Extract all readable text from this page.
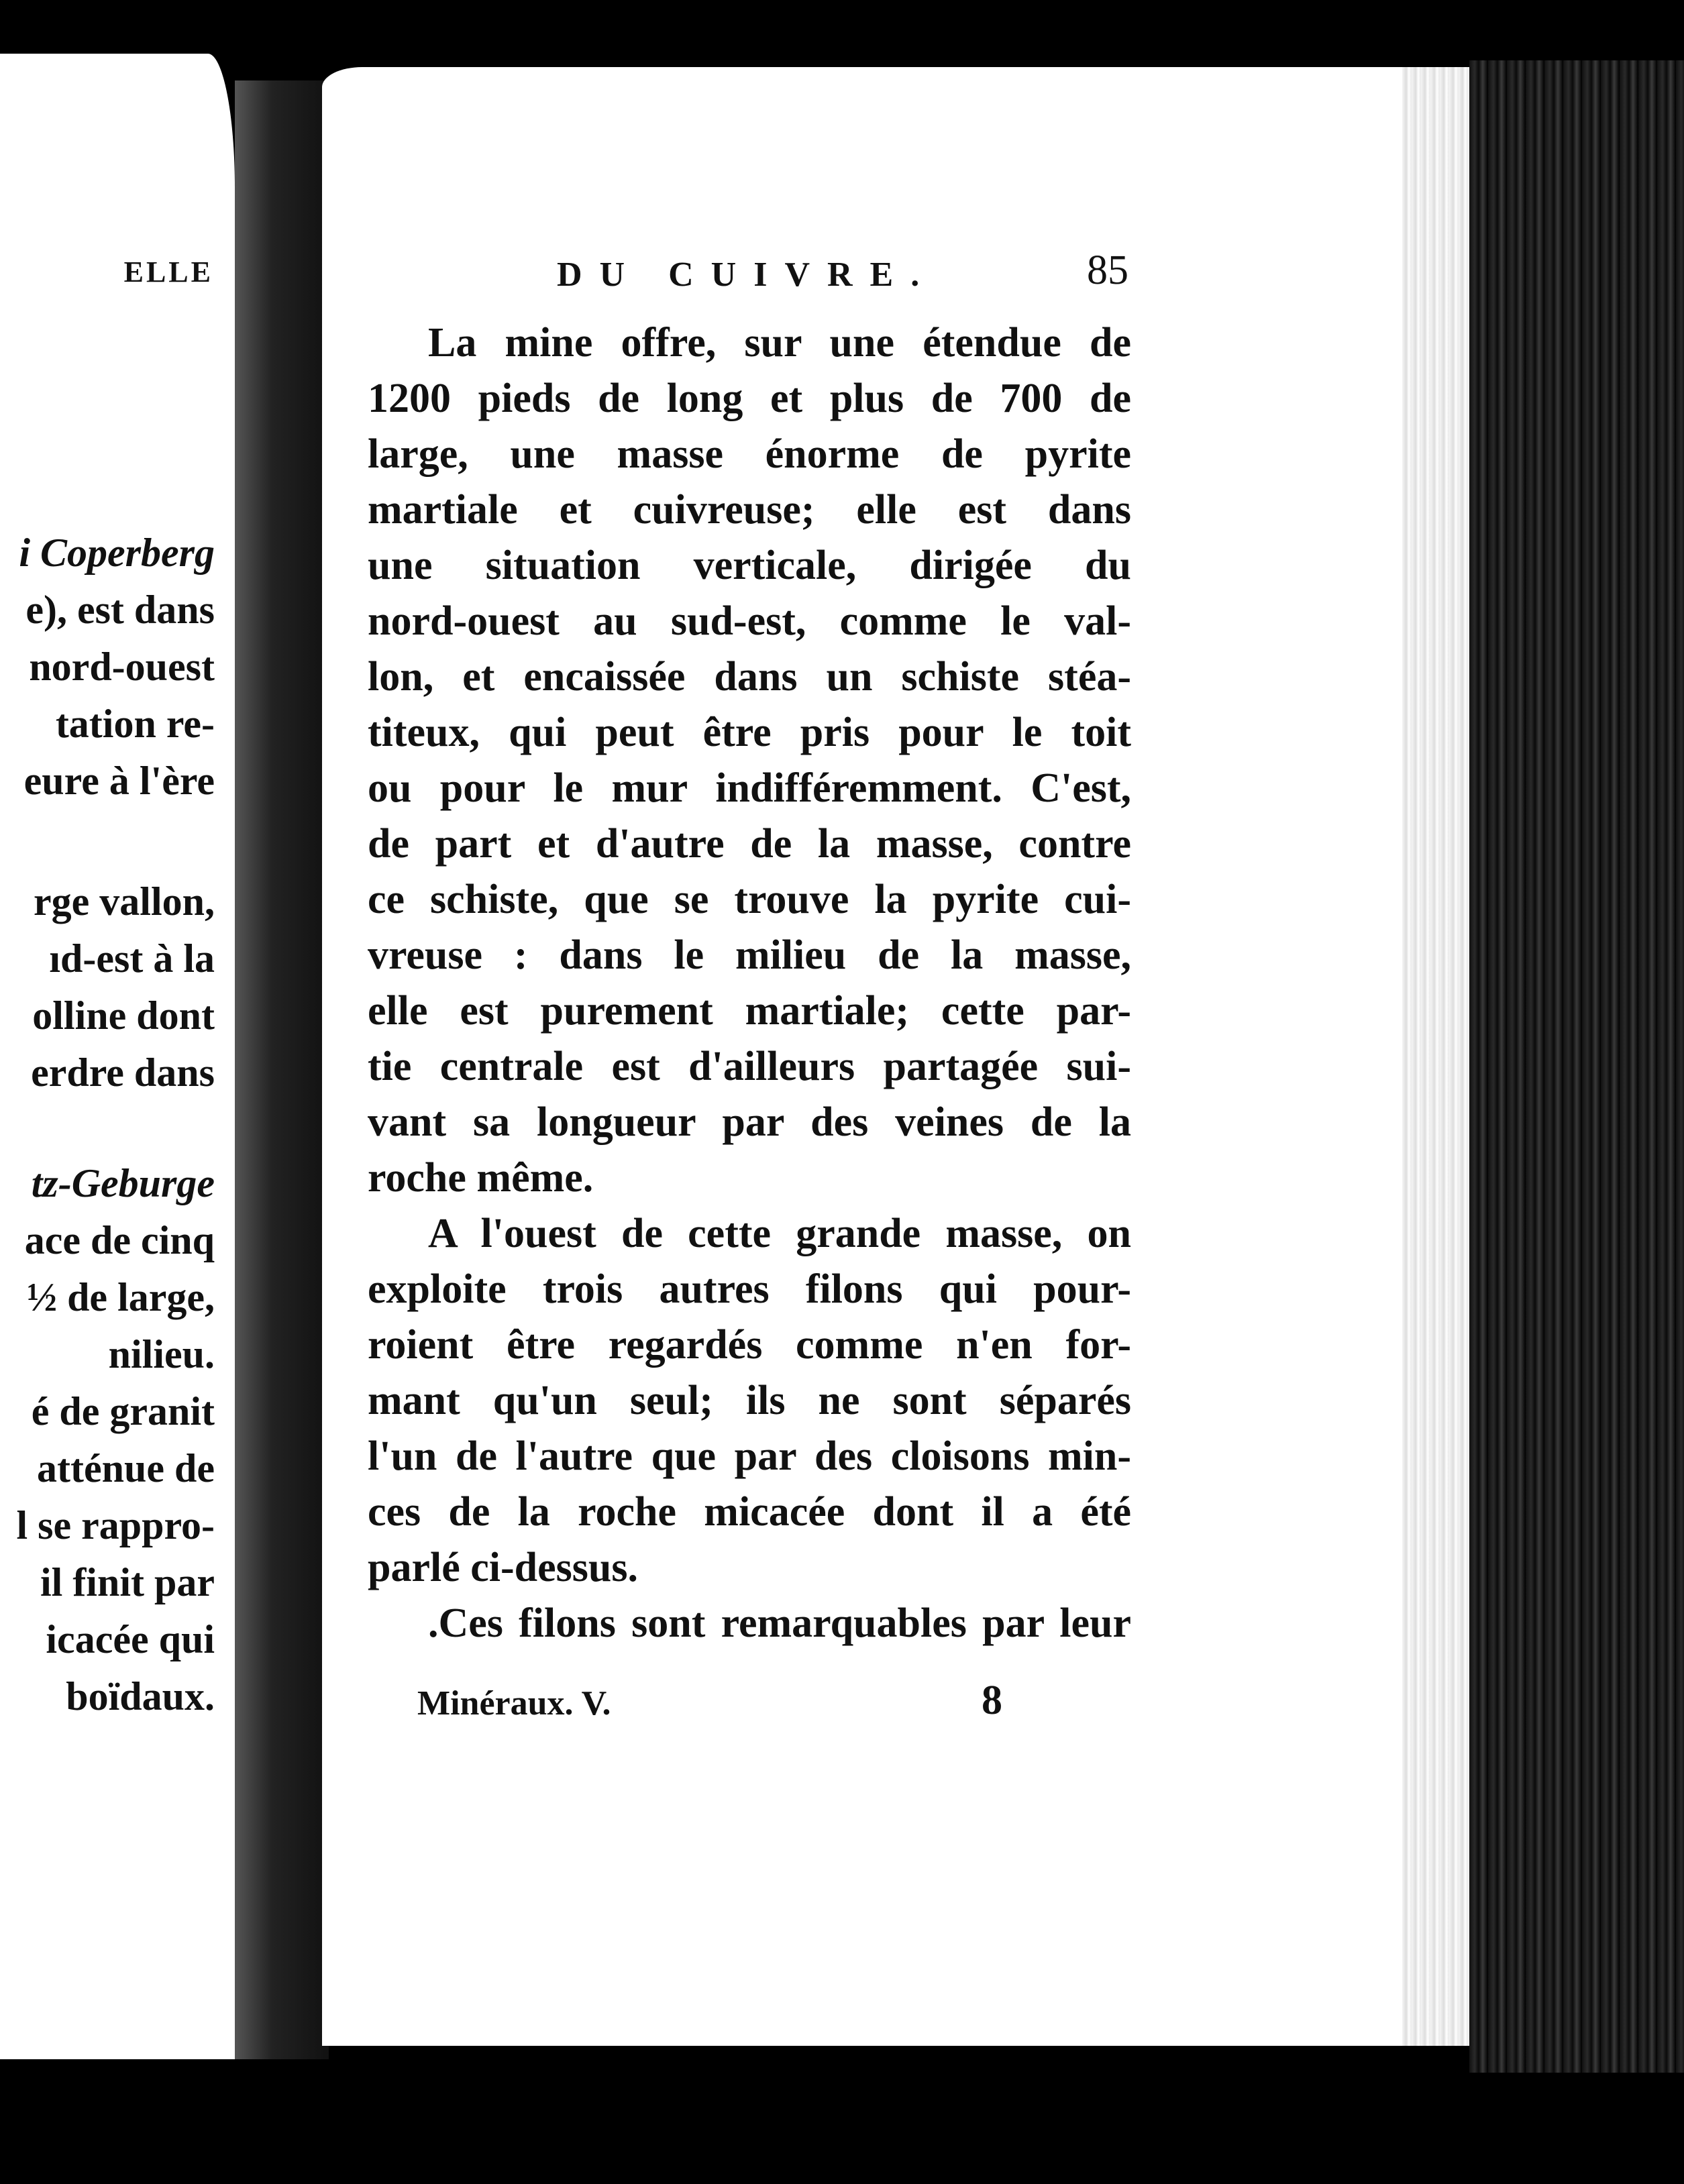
ELLE
i Coperberg
e), est dans
nord-ouest
tation re-
eure à l'ère
rge vallon,
ıd-est à la
olline dont
erdre dans
tz-Geburge
ace de cinq
½ de large,
nilieu.
é de granit
atténue de
l se rappro-
il finit par
icacée qui
boïdaux.
DU CUIVRE.	85
La mine offre, sur une étendue de
1200 pieds de long et plus de 700 de
large, une masse énorme de pyrite
martiale et cuivreuse; elle est dans
une situation verticale, dirigée du
nord-ouest au sud-est, comme le val-
lon, et encaissée dans un schiste stéa-
titeux, qui peut être pris pour le toit
ou pour le mur indifféremment. C'est,
de part et d'autre de la masse, contre
ce schiste, que se trouve la pyrite cui-
vreuse : dans le milieu de la masse,
elle est purement martiale; cette par-
tie centrale est d'ailleurs partagée sui-
vant sa longueur par des veines de la
roche même.
A l'ouest de cette grande masse, on
exploite trois autres filons qui pour-
roient être regardés comme n'en for-
mant qu'un seul; ils ne sont séparés
l'un de l'autre que par des cloisons min-
ces de la roche micacée dont il a été
parlé ci-dessus.
.Ces filons sont remarquables par leur
Minéraux. V.	8
